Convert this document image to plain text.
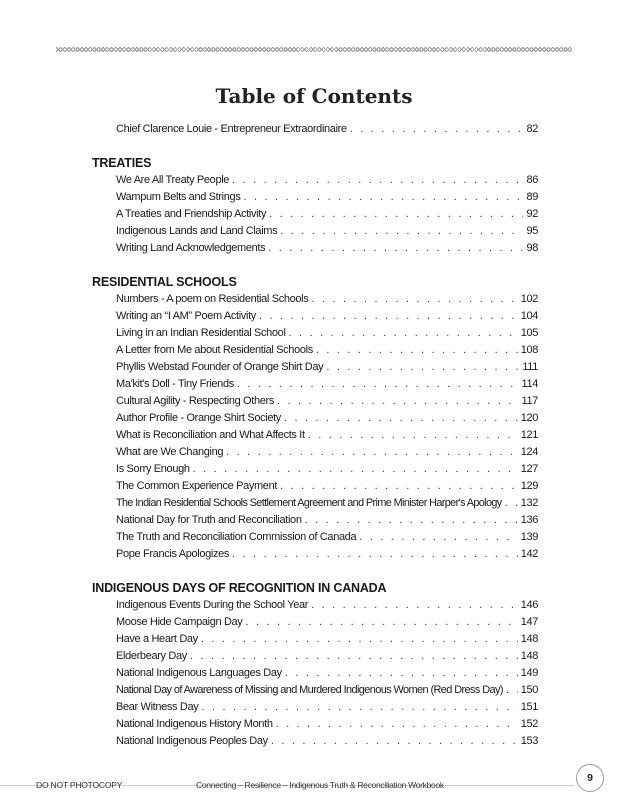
Table of Contents
Chief Clarence Louie - Entrepreneur Extraordinaire . . .	82
TREATIES
We Are All Treaty People . . .	86
Wampum Belts and Strings . . .	89
A Treaties and Friendship Activity . . .	92
Indigenous Lands and Land Claims . . .	95
Writing Land Acknowledgements . . .	98
RESIDENTIAL SCHOOLS
Numbers - A poem on Residential Schools . . .	102
Writing an “I AM” Poem Activity . . .	104
Living in an Indian Residential School . . .	105
A Letter from Me about Residential Schools . . .	108
Phyllis Webstad Founder of Orange Shirt Day . . .	111
Ma'kit's Doll - Tiny Friends . . .	114
Cultural Agility - Respecting Others . . .	117
Author Profile - Orange Shirt Society . . .	120
What is Reconciliation and What Affects It . . .	121
What are We Changing . . .	124
Is Sorry Enough . . .	127
The Common Experience Payment . . .	129
The Indian Residential Schools Settlement Agreement and Prime Minister Harper's Apology . . . 132
National Day for Truth and Reconciliation . . .	136
The Truth and Reconciliation Commission of Canada . . .	139
Pope Francis Apologizes . . .	142
INDIGENOUS DAYS OF RECOGNITION IN CANADA
Indigenous Events During the School Year . . .	146
Moose Hide Campaign Day . . .	147
Have a Heart Day . . .	148
Elderbeary Day . . .	148
National Indigenous Languages Day . . .	149
National Day of Awareness of Missing and Murdered Indigenous Women (Red Dress Day) . . . 150
Bear Witness Day . . .	151
National Indigenous History Month . . .	152
National Indigenous Peoples Day . . .	153
DO NOT PHOTOCOPY	Connecting – Resilience – Indigenous Truth & Reconciliation Workbook
9
